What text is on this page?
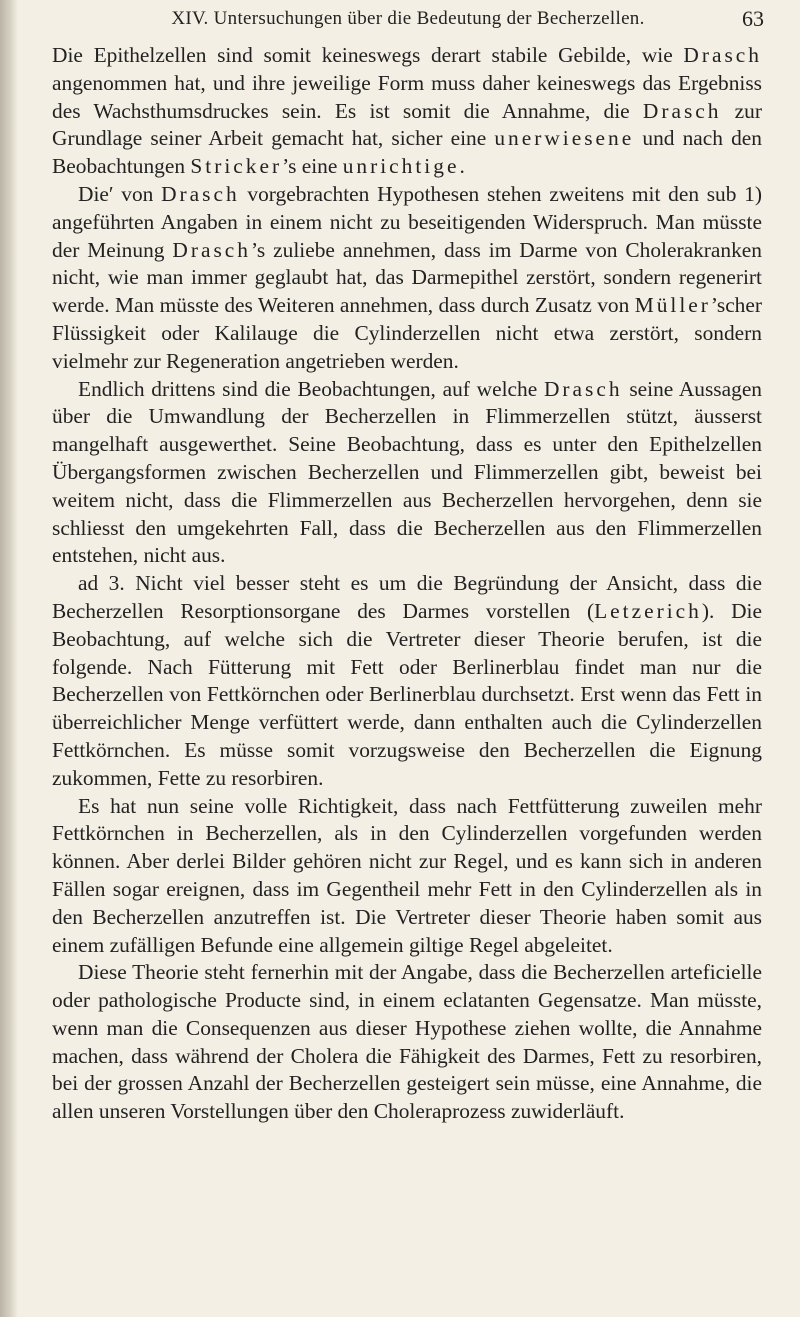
XIV. Untersuchungen über die Bedeutung der Becherzellen.	63

Die Epithelzellen sind somit keineswegs derart stabile Gebilde, wie Drasch angenommen hat, und ihre jeweilige Form muss daher keineswegs das Ergebniss des Wachsthumsdruckes sein. Es ist somit die Annahme, die Drasch zur Grundlage seiner Arbeit gemacht hat, sicher eine unerwiesene und nach den Beobachtungen Stricker’s eine unrichtige.

Die′ von Drasch vorgebrachten Hypothesen stehen zweitens mit den sub 1) angeführten Angaben in einem nicht zu beseitigenden Widerspruch. Man müsste der Meinung Drasch’s zuliebe annehmen, dass im Darme von Cholerakranken nicht, wie man immer geglaubt hat, das Darmepithel zerstört, sondern regenerirt werde. Man müsste des Weiteren annehmen, dass durch Zusatz von Müller’scher Flüssigkeit oder Kalilauge die Cylinderzellen nicht etwa zerstört, sondern vielmehr zur Regeneration angetrieben werden.

Endlich drittens sind die Beobachtungen, auf welche Drasch seine Aussagen über die Umwandlung der Becherzellen in Flimmerzellen stützt, äusserst mangelhaft ausgewerthet. Seine Beobachtung, dass es unter den Epithelzellen Übergangsformen zwischen Becherzellen und Flimmerzellen gibt, beweist bei weitem nicht, dass die Flimmerzellen aus Becherzellen hervorgehen, denn sie schliesst den umgekehrten Fall, dass die Becherzellen aus den Flimmerzellen entstehen, nicht aus.

ad 3. Nicht viel besser steht es um die Begründung der Ansicht, dass die Becherzellen Resorptionsorgane des Darmes vorstellen (Letzerich). Die Beobachtung, auf welche sich die Vertreter dieser Theorie berufen, ist die folgende. Nach Fütterung mit Fett oder Berlinerblau findet man nur die Becherzellen von Fettkörnchen oder Berlinerblau durchsetzt. Erst wenn das Fett in überreichlicher Menge verfüttert werde, dann enthalten auch die Cylinderzellen Fettkörnchen. Es müsse somit vorzugsweise den Becherzellen die Eignung zukommen, Fette zu resorbiren.

Es hat nun seine volle Richtigkeit, dass nach Fettfütterung zuweilen mehr Fettkörnchen in Becherzellen, als in den Cylinderzellen vorgefunden werden können. Aber derlei Bilder gehören nicht zur Regel, und es kann sich in anderen Fällen sogar ereignen, dass im Gegentheil mehr Fett in den Cylinderzellen als in den Becherzellen anzutreffen ist. Die Vertreter dieser Theorie haben somit aus einem zufälligen Befunde eine allgemein giltige Regel abgeleitet.

Diese Theorie steht fernerhin mit der Angabe, dass die Becherzellen arteficielle oder pathologische Producte sind, in einem eclatanten Gegensatze. Man müsste, wenn man die Consequenzen aus dieser Hypothese ziehen wollte, die Annahme machen, dass während der Cholera die Fähigkeit des Darmes, Fett zu resorbiren, bei der grossen Anzahl der Becherzellen gesteigert sein müsse, eine Annahme, die allen unseren Vorstellungen über den Choleraprozess zuwiderläuft.
